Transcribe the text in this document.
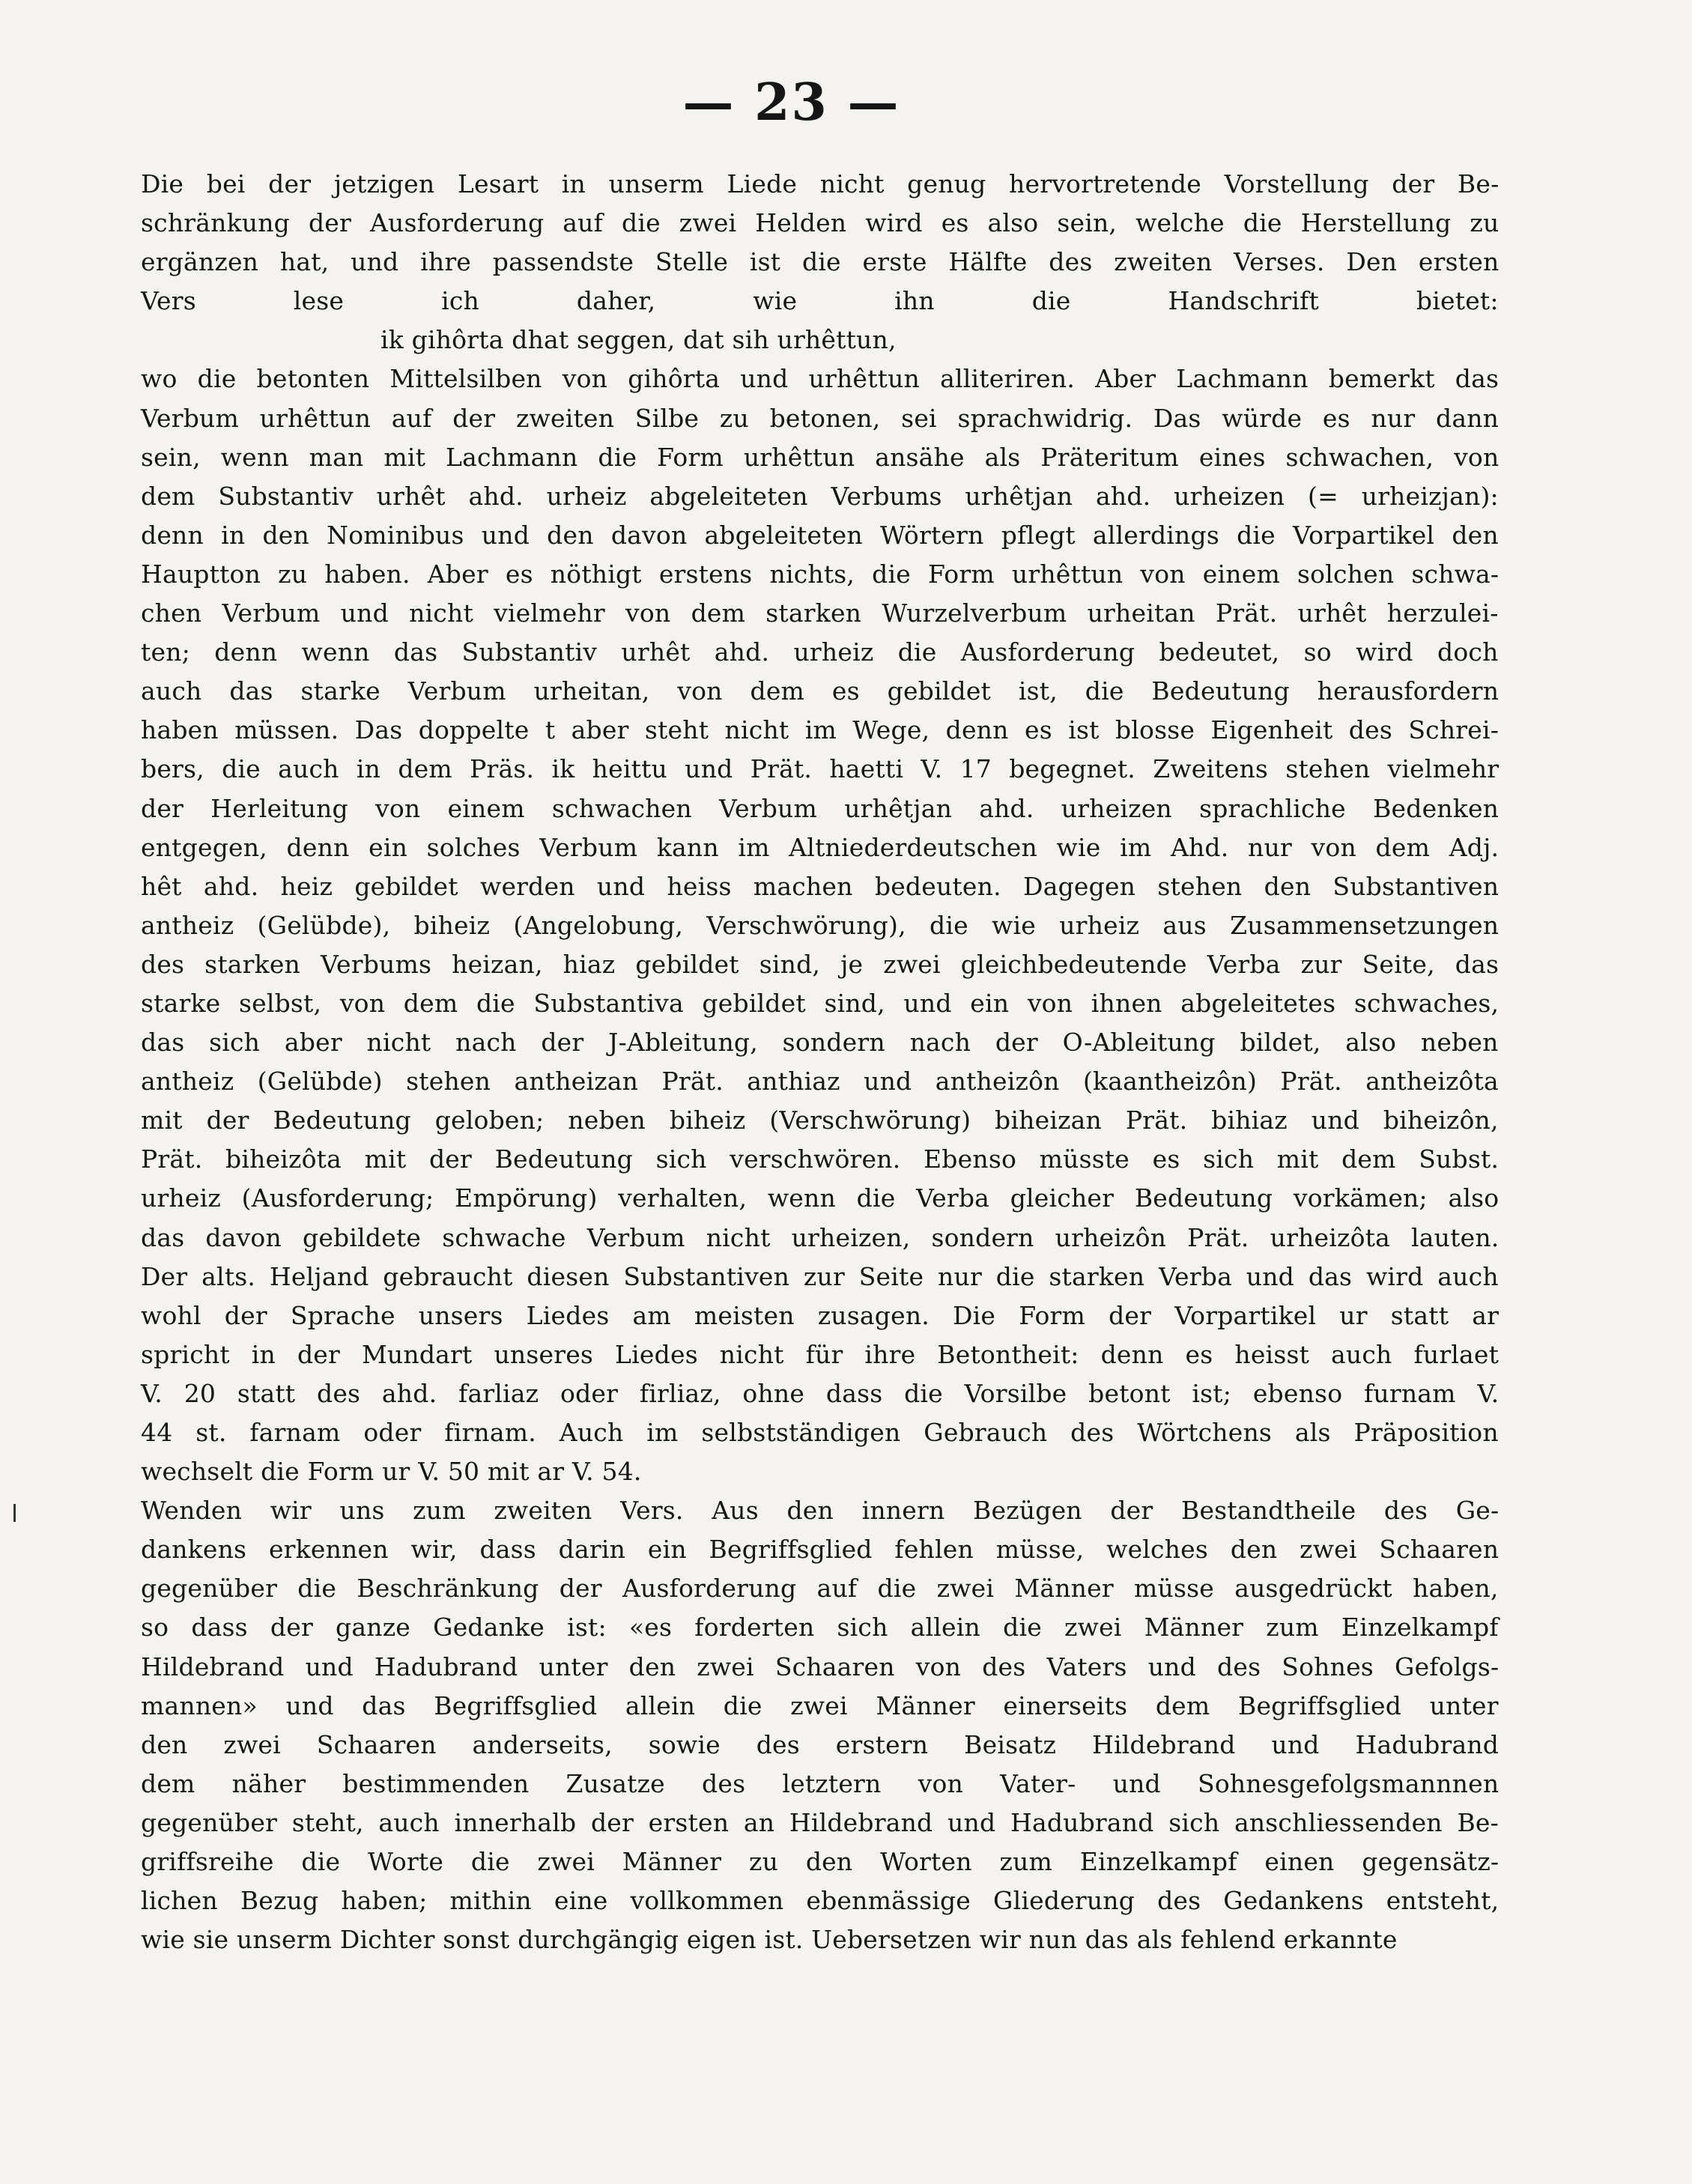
— 23 —
Die bei der jetzigen Lesart in unserm Liede nicht genug hervortretende Vorstellung der Be-
schränkung der Ausforderung auf die zwei Helden wird es also sein, welche die Herstellung zu
ergänzen hat, und ihre passendste Stelle ist die erste Hälfte des zweiten Verses. Den ersten
Vers lese ich daher, wie ihn die Handschrift bietet:
ik gihôrta dhat seggen, dat sih urhêttun,
wo die betonten Mittelsilben von gihôrta und urhêttun alliteriren. Aber Lachmann bemerkt das
Verbum urhêttun auf der zweiten Silbe zu betonen, sei sprachwidrig. Das würde es nur dann
sein, wenn man mit Lachmann die Form urhêttun ansähe als Präteritum eines schwachen, von
dem Substantiv urhêt ahd. urheiz abgeleiteten Verbums urhêtjan ahd. urheizen (= urheizjan):
denn in den Nominibus und den davon abgeleiteten Wörtern pflegt allerdings die Vorpartikel den
Hauptton zu haben. Aber es nöthigt erstens nichts, die Form urhêttun von einem solchen schwa-
chen Verbum und nicht vielmehr von dem starken Wurzelverbum urheitan Prät. urhêt herzulei-
ten; denn wenn das Substantiv urhêt ahd. urheiz die Ausforderung bedeutet, so wird doch
auch das starke Verbum urheitan, von dem es gebildet ist, die Bedeutung herausfordern
haben müssen. Das doppelte t aber steht nicht im Wege, denn es ist blosse Eigenheit des Schrei-
bers, die auch in dem Präs. ik heittu und Prät. haetti V. 17 begegnet. Zweitens stehen vielmehr
der Herleitung von einem schwachen Verbum urhêtjan ahd. urheizen sprachliche Bedenken
entgegen, denn ein solches Verbum kann im Altniederdeutschen wie im Ahd. nur von dem Adj.
hêt ahd. heiz gebildet werden und heiss machen bedeuten. Dagegen stehen den Substantiven
antheiz (Gelübde), biheiz (Angelobung, Verschwörung), die wie urheiz aus Zusammensetzungen
des starken Verbums heizan, hiaz gebildet sind, je zwei gleichbedeutende Verba zur Seite, das
starke selbst, von dem die Substantiva gebildet sind, und ein von ihnen abgeleitetes schwaches,
das sich aber nicht nach der J-Ableitung, sondern nach der O-Ableitung bildet, also neben
antheiz (Gelübde) stehen antheizan Prät. anthiaz und antheizôn (kaantheizôn) Prät. antheizôta
mit der Bedeutung geloben; neben biheiz (Verschwörung) biheizan Prät. bihiaz und biheizôn,
Prät. biheizôta mit der Bedeutung sich verschwören. Ebenso müsste es sich mit dem Subst.
urheiz (Ausforderung; Empörung) verhalten, wenn die Verba gleicher Bedeutung vorkämen; also
das davon gebildete schwache Verbum nicht urheizen, sondern urheizôn Prät. urheizôta lauten.
Der alts. Heljand gebraucht diesen Substantiven zur Seite nur die starken Verba und das wird auch
wohl der Sprache unsers Liedes am meisten zusagen. Die Form der Vorpartikel ur statt ar
spricht in der Mundart unseres Liedes nicht für ihre Betontheit: denn es heisst auch furlaet
V. 20 statt des ahd. farliaz oder firliaz, ohne dass die Vorsilbe betont ist; ebenso furnam V.
44 st. farnam oder firnam. Auch im selbstständigen Gebrauch des Wörtchens als Präposition
wechselt die Form ur V. 50 mit ar V. 54.
Wenden wir uns zum zweiten Vers. Aus den innern Bezügen der Bestandtheile des Ge-
dankens erkennen wir, dass darin ein Begriffsglied fehlen müsse, welches den zwei Schaaren
gegenüber die Beschränkung der Ausforderung auf die zwei Männer müsse ausgedrückt haben,
so dass der ganze Gedanke ist: «es forderten sich allein die zwei Männer zum Einzelkampf
Hildebrand und Hadubrand unter den zwei Schaaren von des Vaters und des Sohnes Gefolgs-
mannen» und das Begriffsglied allein die zwei Männer einerseits dem Begriffsglied unter
den zwei Schaaren anderseits, sowie des erstern Beisatz Hildebrand und Hadubrand
dem näher bestimmenden Zusatze des letztern von Vater- und Sohnesgefolgsmannnen
gegenüber steht, auch innerhalb der ersten an Hildebrand und Hadubrand sich anschliessenden Be-
griffsreihe die Worte die zwei Männer zu den Worten zum Einzelkampf einen gegensätz-
lichen Bezug haben; mithin eine vollkommen ebenmässige Gliederung des Gedankens entsteht,
wie sie unserm Dichter sonst durchgängig eigen ist. Uebersetzen wir nun das als fehlend erkannte
